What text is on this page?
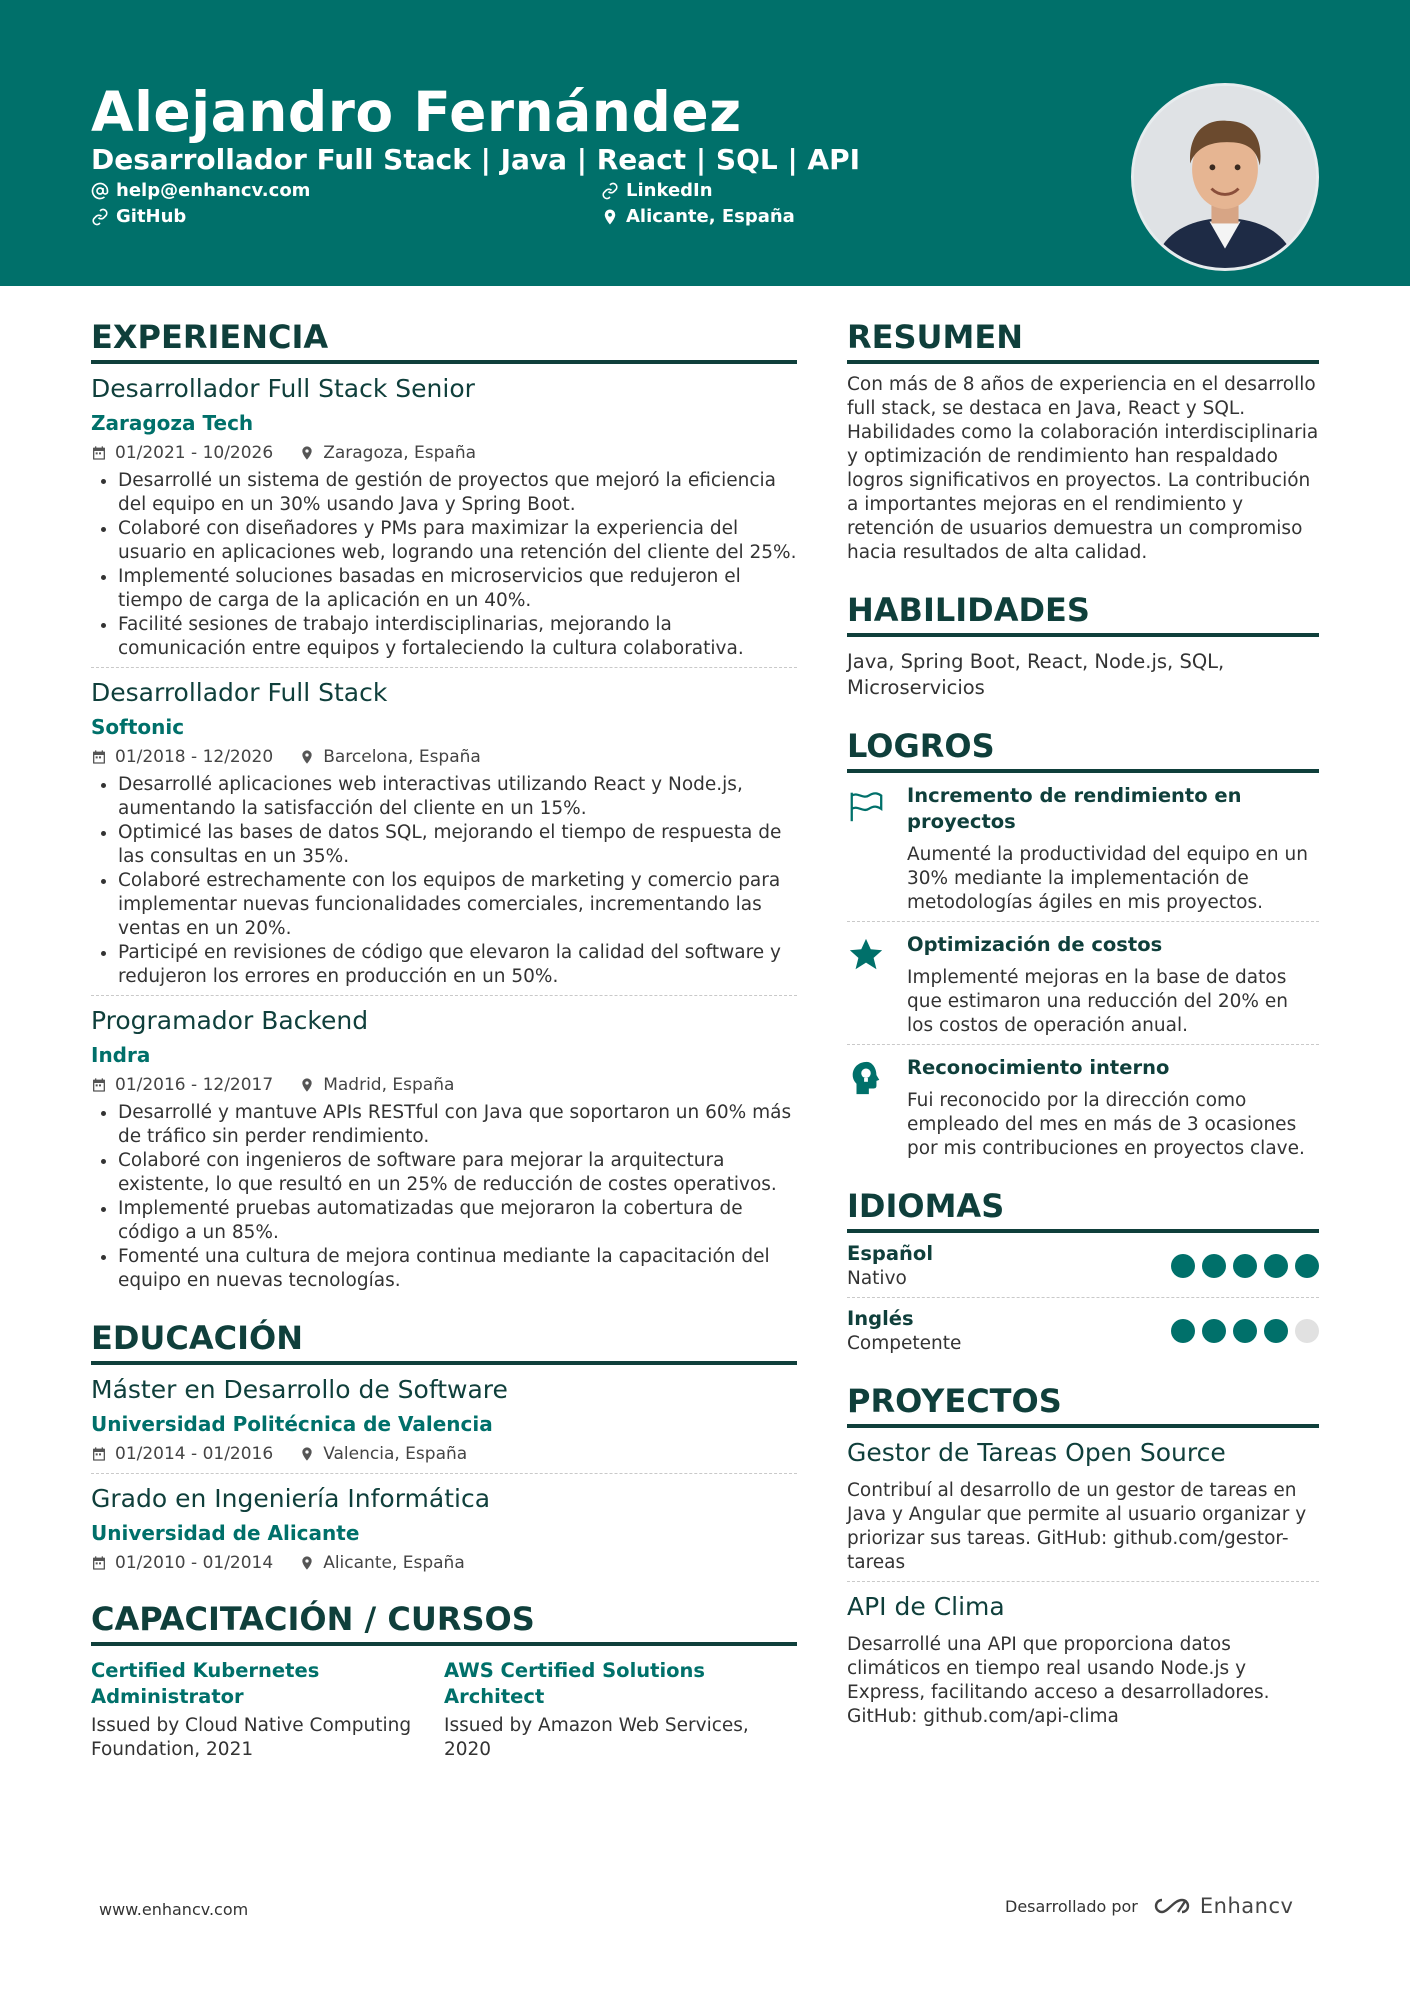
Alejandro Fernández
Desarrollador Full Stack | Java | React | SQL | API
help@enhancv.com	LinkedIn
GitHub	Alicante, España
EXPERIENCIA
Desarrollador Full Stack Senior
Zaragoza Tech
01/2021 - 10/2026	Zaragoza, España
• Desarrollé un sistema de gestión de proyectos que mejoró la eficiencia del equipo en un 30% usando Java y Spring Boot.
• Colaboré con diseñadores y PMs para maximizar la experiencia del usuario en aplicaciones web, logrando una retención del cliente del 25%.
• Implementé soluciones basadas en microservicios que redujeron el tiempo de carga de la aplicación en un 40%.
• Facilité sesiones de trabajo interdisciplinarias, mejorando la comunicación entre equipos y fortaleciendo la cultura colaborativa.
Desarrollador Full Stack
Softonic
01/2018 - 12/2020	Barcelona, España
• Desarrollé aplicaciones web interactivas utilizando React y Node.js, aumentando la satisfacción del cliente en un 15%.
• Optimicé las bases de datos SQL, mejorando el tiempo de respuesta de las consultas en un 35%.
• Colaboré estrechamente con los equipos de marketing y comercio para implementar nuevas funcionalidades comerciales, incrementando las ventas en un 20%.
• Participé en revisiones de código que elevaron la calidad del software y redujeron los errores en producción en un 50%.
Programador Backend
Indra
01/2016 - 12/2017	Madrid, España
• Desarrollé y mantuve APIs RESTful con Java que soportaron un 60% más de tráfico sin perder rendimiento.
• Colaboré con ingenieros de software para mejorar la arquitectura existente, lo que resultó en un 25% de reducción de costes operativos.
• Implementé pruebas automatizadas que mejoraron la cobertura de código a un 85%.
• Fomenté una cultura de mejora continua mediante la capacitación del equipo en nuevas tecnologías.
EDUCACIÓN
Máster en Desarrollo de Software
Universidad Politécnica de Valencia
01/2014 - 01/2016	Valencia, España
Grado en Ingeniería Informática
Universidad de Alicante
01/2010 - 01/2014	Alicante, España
CAPACITACIÓN / CURSOS
Certified Kubernetes Administrator
Issued by Cloud Native Computing Foundation, 2021
AWS Certified Solutions Architect
Issued by Amazon Web Services, 2020
RESUMEN
Con más de 8 años de experiencia en el desarrollo full stack, se destaca en Java, React y SQL. Habilidades como la colaboración interdisciplinaria y optimización de rendimiento han respaldado logros significativos en proyectos. La contribución a importantes mejoras en el rendimiento y retención de usuarios demuestra un compromiso hacia resultados de alta calidad.
HABILIDADES
Java, Spring Boot, React, Node.js, SQL, Microservicios
LOGROS
Incremento de rendimiento en proyectos
Aumenté la productividad del equipo en un 30% mediante la implementación de metodologías ágiles en mis proyectos.
Optimización de costos
Implementé mejoras en la base de datos que estimaron una reducción del 20% en los costos de operación anual.
Reconocimiento interno
Fui reconocido por la dirección como empleado del mes en más de 3 ocasiones por mis contribuciones en proyectos clave.
IDIOMAS
Español
Nativo
Inglés
Competente
PROYECTOS
Gestor de Tareas Open Source
Contribuí al desarrollo de un gestor de tareas en Java y Angular que permite al usuario organizar y priorizar sus tareas. GitHub: github.com/gestor-tareas
API de Clima
Desarrollé una API que proporciona datos climáticos en tiempo real usando Node.js y Express, facilitando acceso a desarrolladores. GitHub: github.com/api-clima
www.enhancv.com	Desarrollado por	Enhancv
